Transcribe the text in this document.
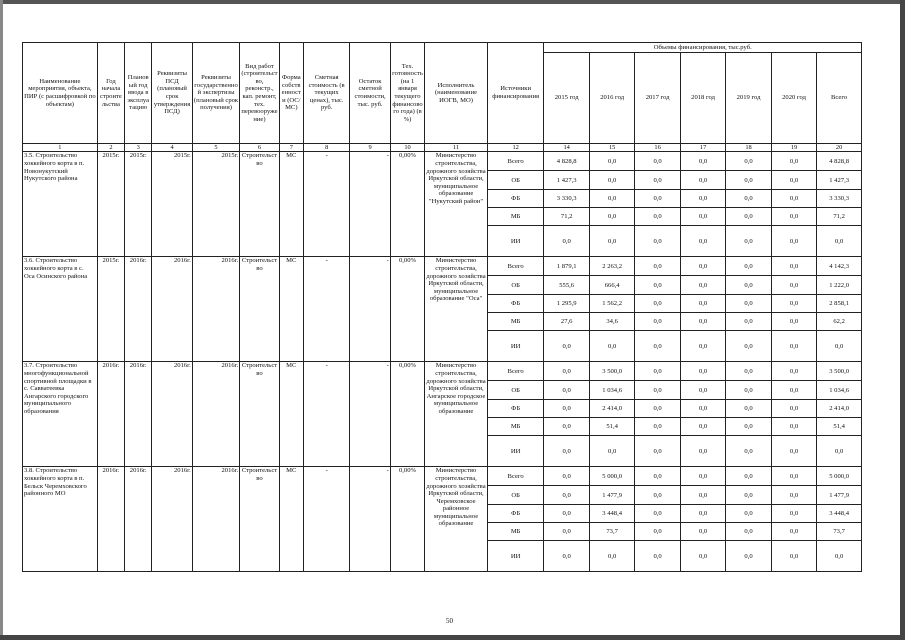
Наименование мероприятия, объекта, ПИР (с расшифровкой по объектам)	Год начала строительства	Плановый год ввода в эксплуатацию	Реквизиты ПСД (плановый срок утверждения ПСД)	Реквизиты государственной экспертизы (плановый срок получения)	Вид работ (строительство, реконстр., кап. ремонт, тех. перевооружение)	Форма собственности (ОС/МС)	Сметная стоимость (в текущих ценах), тыс. руб.	Остаток сметной стоимости, тыс. руб.	Тех. готовность (на 1 января текущего финансового года) (в %)	Исполнитель (наименование ИОГВ, МО)	Источники финансирования	Объемы финансирования, тыс.руб.						
												2015 год	2016 год	2017 год	2018 год	2019 год	2020 год	Всего
1	2	3	4	5	6	7	8	9	10	11	12	14	15	16	17	18	19	20
3.5. Строительство хоккейного корта в п. Новонукутский Нукутского района	2015г.	2015г.	2015г.	2015г.	Строительство	МС	-	-	0,00%	Министерство строительства, дорожного хозяйства Иркутской области, муниципальное образование "Нукутский район"	Всего	4 828,8	0,0	0,0	0,0	0,0	0,0	4 828,8
											ОБ	1 427,3	0,0	0,0	0,0	0,0	0,0	1 427,3
											ФБ	3 330,3	0,0	0,0	0,0	0,0	0,0	3 330,3
											МБ	71,2	0,0	0,0	0,0	0,0	0,0	71,2
											ИИ	0,0	0,0	0,0	0,0	0,0	0,0	0,0
3.6. Строительство хоккейного корта в с. Оса Осинского района	2015г.	2016г.	2016г.	2016г.	Строительство	МС	-	-	0,00%	Министерство строительства, дорожного хозяйства Иркутской области, муниципальное образование "Оса"	Всего	1 879,1	2 263,2	0,0	0,0	0,0	0,0	4 142,3
											ОБ	555,6	666,4	0,0	0,0	0,0	0,0	1 222,0
											ФБ	1 295,9	1 562,2	0,0	0,0	0,0	0,0	2 858,1
											МБ	27,6	34,6	0,0	0,0	0,0	0,0	62,2
											ИИ	0,0	0,0	0,0	0,0	0,0	0,0	0,0
3.7. Строительство многофункциональной спортивной площадки в с. Савватеевка Ангарского городского муниципального образования	2016г.	2016г.	2016г.	2016г.	Строительство	МС	-	-	0,00%	Министерство строительства, дорожного хозяйства Иркутской области, Ангарское городское муниципальное образование	Всего	0,0	3 500,0	0,0	0,0	0,0	0,0	3 500,0
											ОБ	0,0	1 034,6	0,0	0,0	0,0	0,0	1 034,6
											ФБ	0,0	2 414,0	0,0	0,0	0,0	0,0	2 414,0
											МБ	0,0	51,4	0,0	0,0	0,0	0,0	51,4
											ИИ	0,0	0,0	0,0	0,0	0,0	0,0	0,0
3.8. Строительство хоккейного корта в п. Бельск Черемховского районного МО	2016г.	2016г.	2016г.	2016г.	Строительство	МС	-	-	0,00%	Министерство строительства, дорожного хозяйства Иркутской области, Черемховское районное муниципальное образование	Всего	0,0	5 000,0	0,0	0,0	0,0	0,0	5 000,0
											ОБ	0,0	1 477,9	0,0	0,0	0,0	0,0	1 477,9
											ФБ	0,0	3 448,4	0,0	0,0	0,0	0,0	3 448,4
											МБ	0,0	73,7	0,0	0,0	0,0	0,0	73,7
											ИИ	0,0	0,0	0,0	0,0	0,0	0,0	0,0
50
